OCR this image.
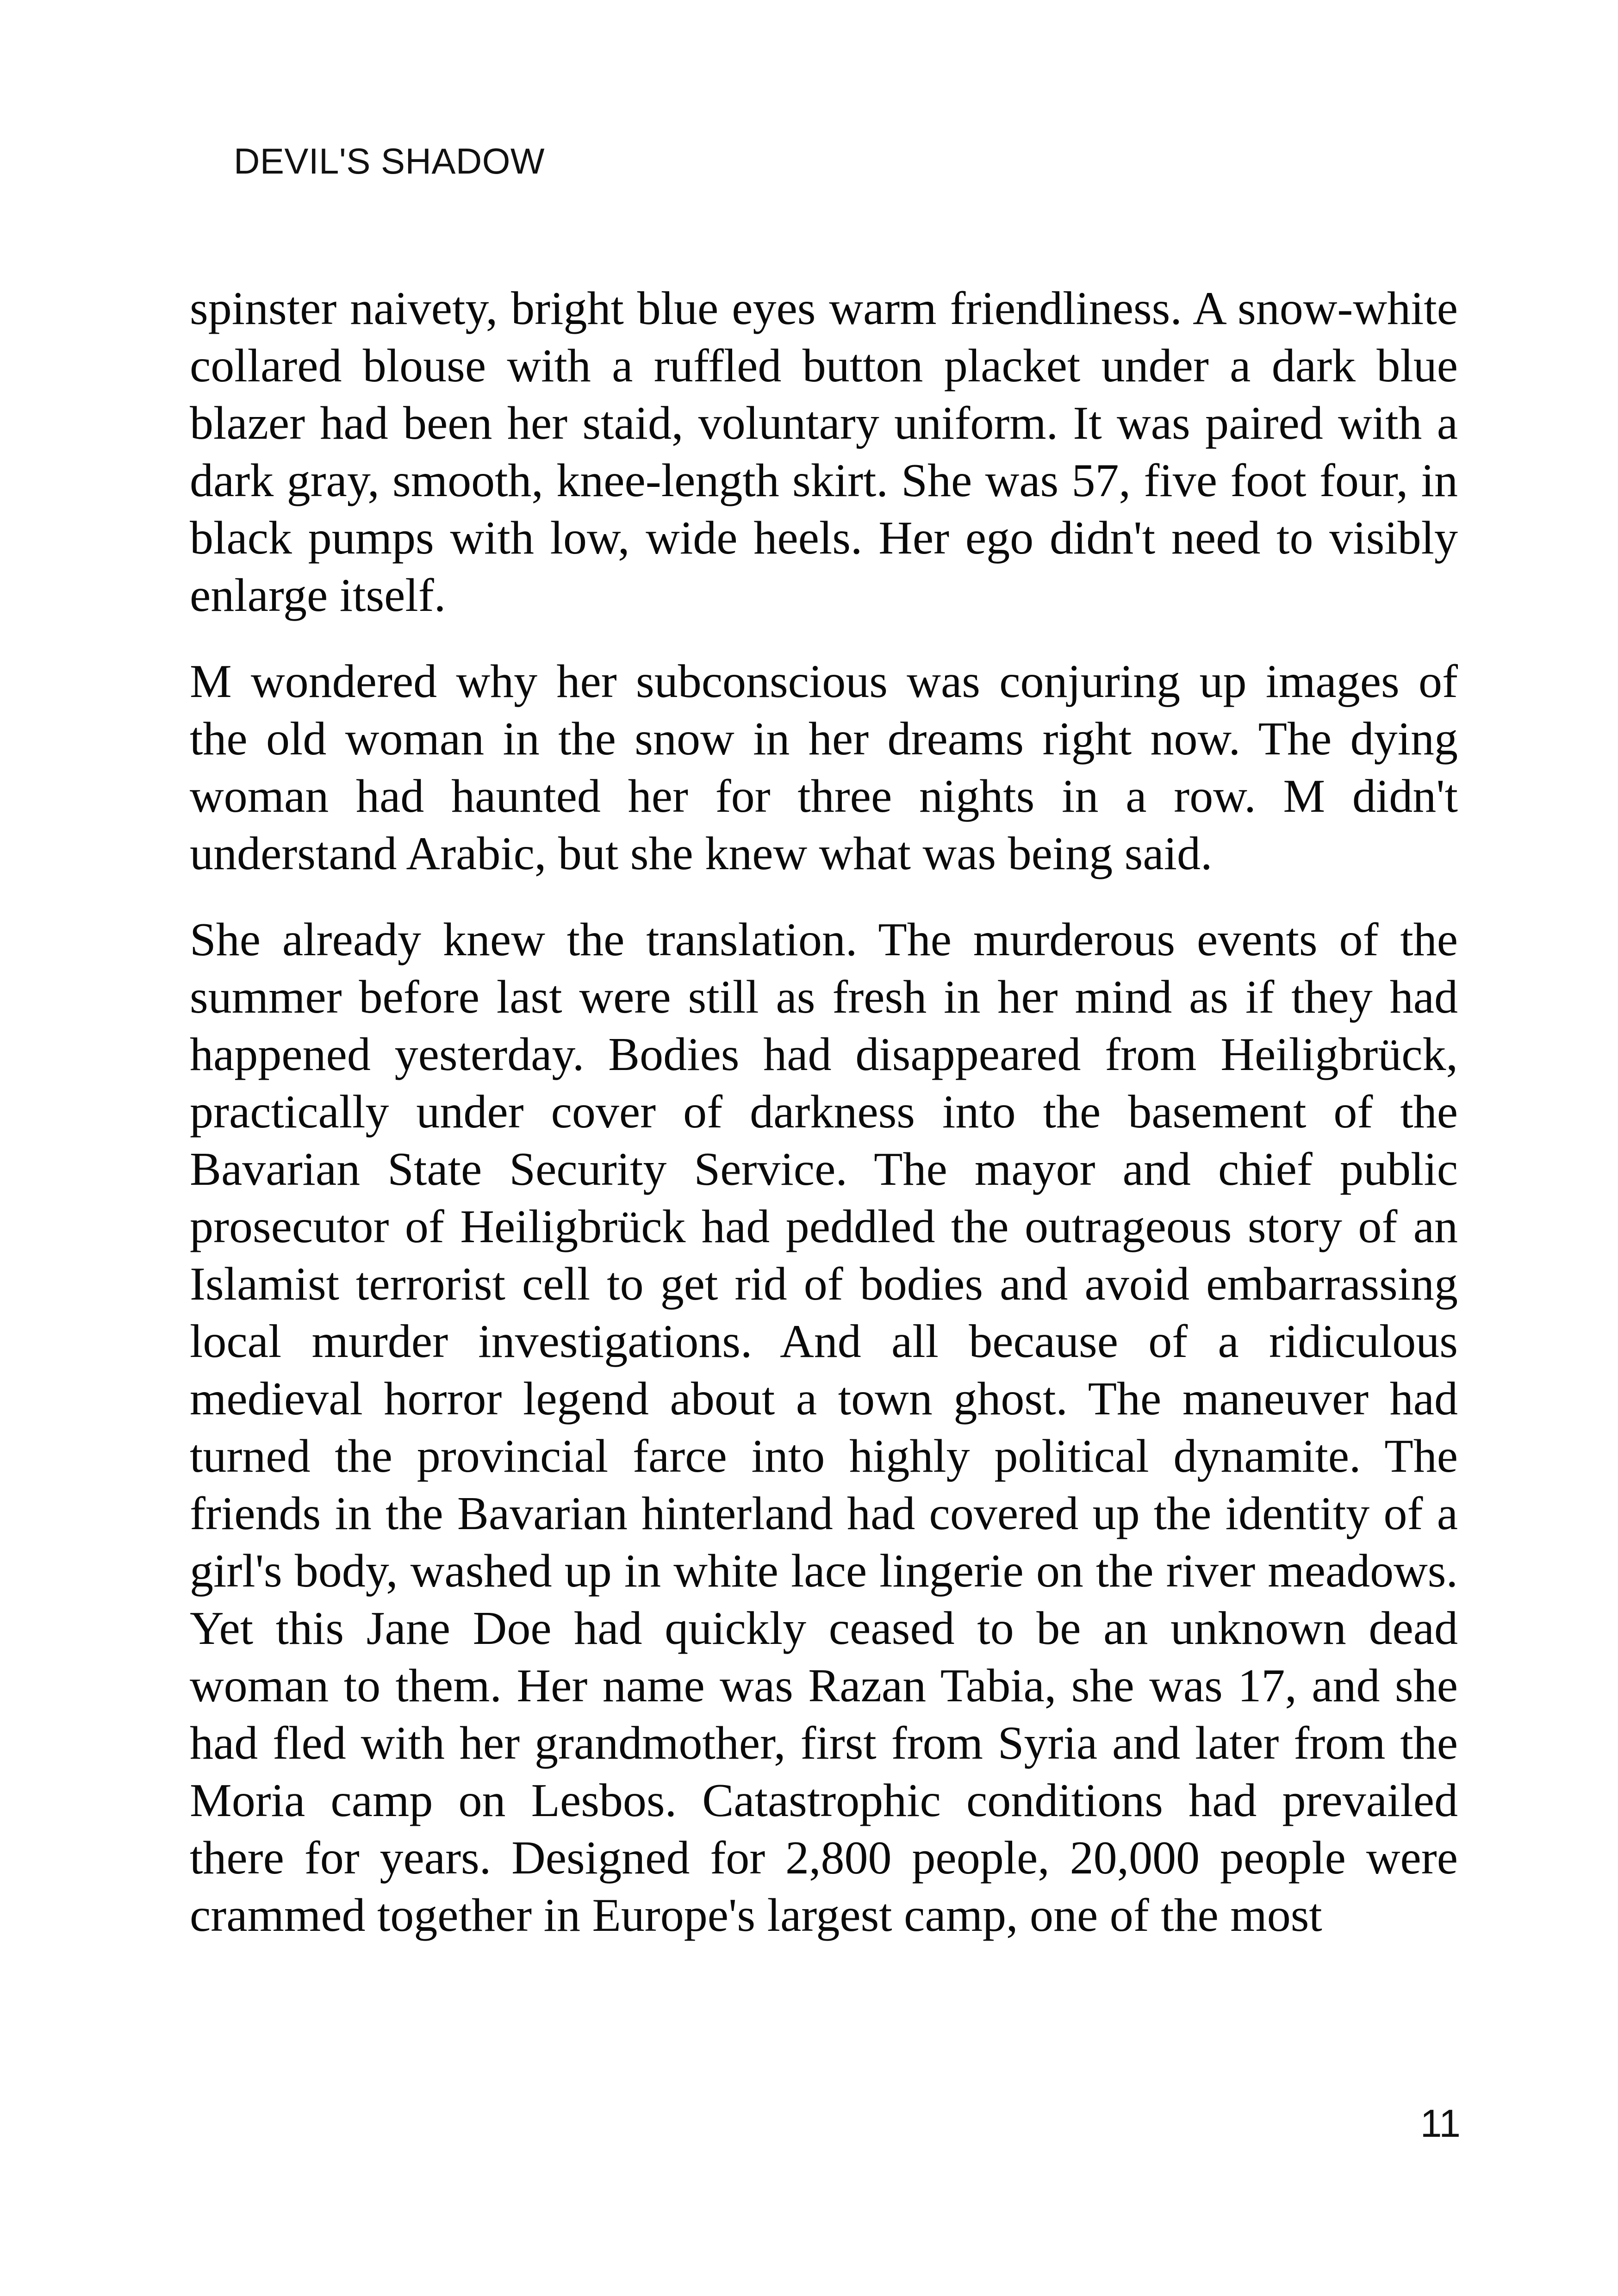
DEVIL'S SHADOW

spinster naivety, bright blue eyes warm friendliness. A snow-white collared blouse with a ruffled button placket under a dark blue blazer had been her staid, voluntary uniform. It was paired with a dark gray, smooth, knee-length skirt. She was 57, five foot four, in black pumps with low, wide heels. Her ego didn't need to visibly enlarge itself.

M wondered why her subconscious was conjuring up images of the old woman in the snow in her dreams right now. The dying woman had haunted her for three nights in a row. M didn't understand Arabic, but she knew what was being said.

She already knew the translation. The murderous events of the summer before last were still as fresh in her mind as if they had happened yesterday. Bodies had disappeared from Heiligbrück, practically under cover of darkness into the basement of the Bavarian State Security Service. The mayor and chief public prosecutor of Heiligbrück had peddled the outrageous story of an Islamist terrorist cell to get rid of bodies and avoid embarrassing local murder investigations. And all because of a ridiculous medieval horror legend about a town ghost. The maneuver had turned the provincial farce into highly political dynamite. The friends in the Bavarian hinterland had covered up the identity of a girl's body, washed up in white lace lingerie on the river meadows. Yet this Jane Doe had quickly ceased to be an unknown dead woman to them. Her name was Razan Tabia, she was 17, and she had fled with her grandmother, first from Syria and later from the Moria camp on Lesbos. Catastrophic conditions had prevailed there for years. Designed for 2,800 people, 20,000 people were crammed together in Europe's largest camp, one of the most

11
